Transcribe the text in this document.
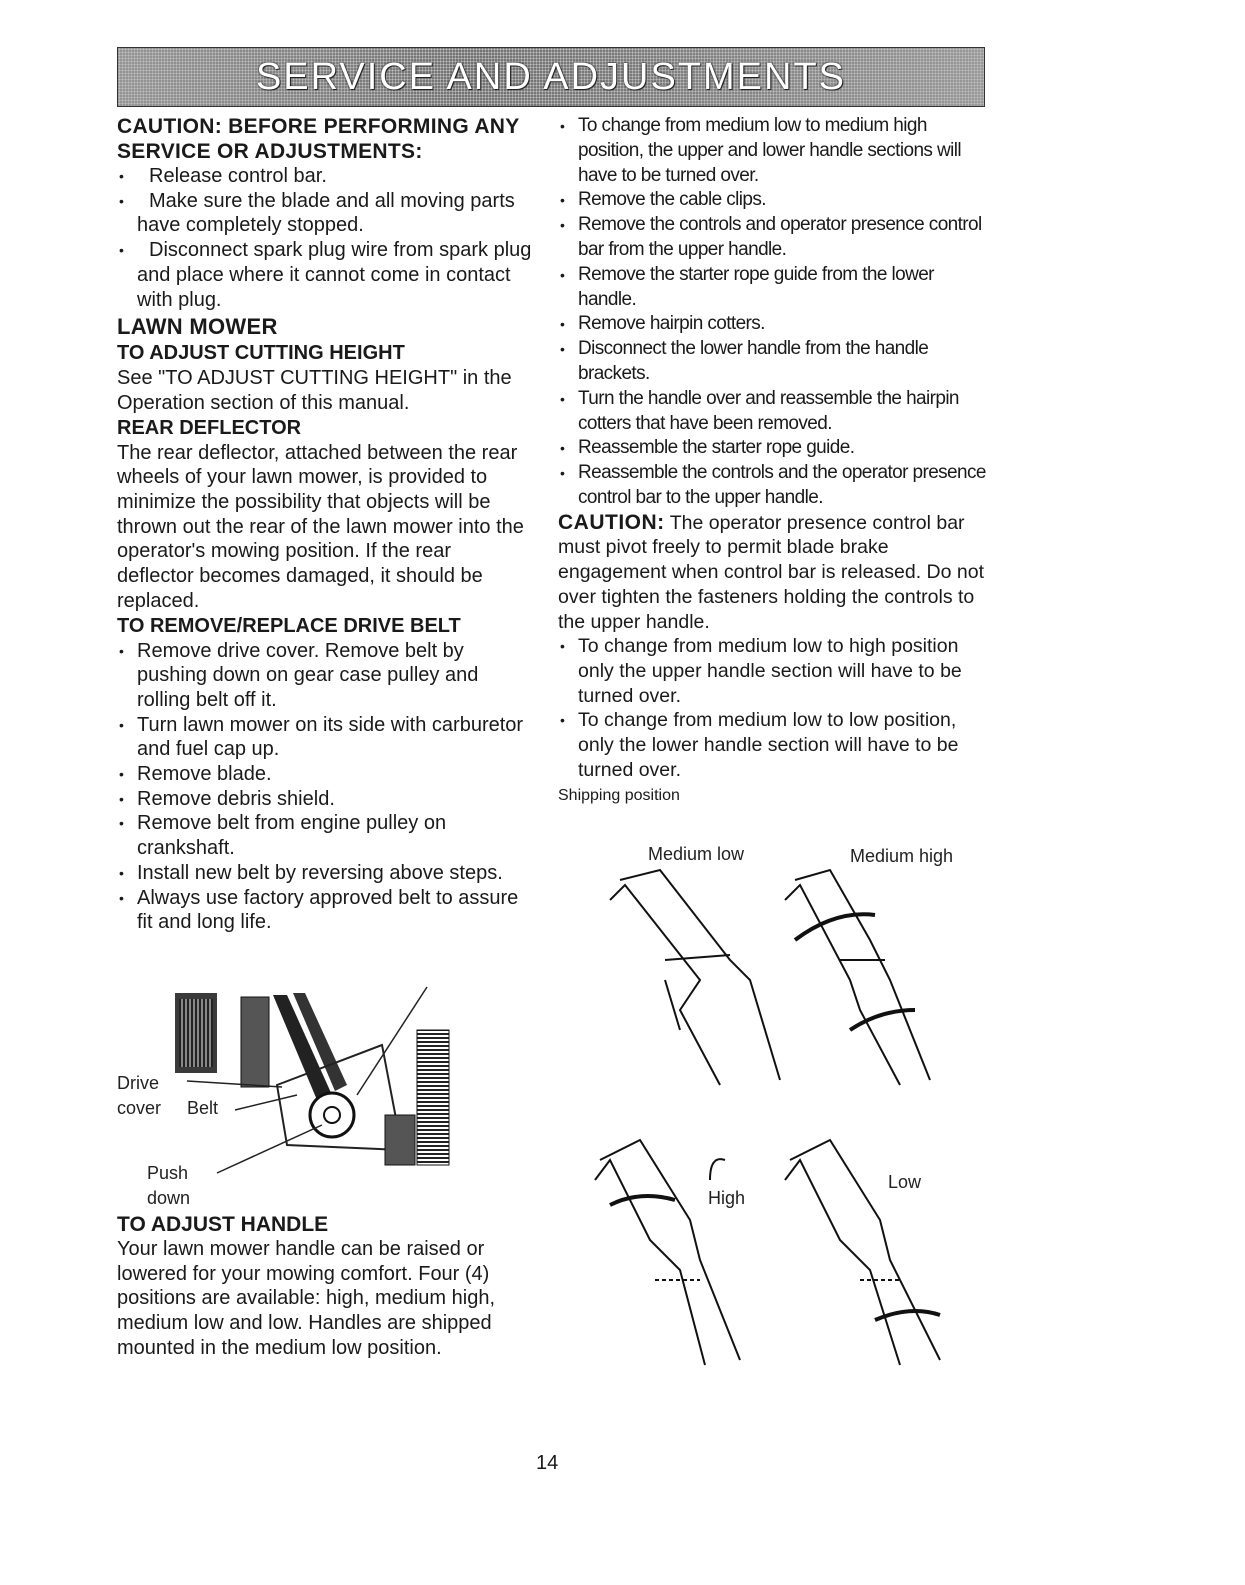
SERVICE AND ADJUSTMENTS

CAUTION: BEFORE PERFORMING ANY SERVICE OR ADJUSTMENTS:

• Release control bar.
• Make sure the blade and all moving parts have completely stopped.
• Disconnect spark plug wire from spark plug and place where it cannot come in contact with plug.

LAWN MOWER

TO ADJUST CUTTING HEIGHT

See "TO ADJUST CUTTING HEIGHT" in the Operation section of this manual.

REAR DEFLECTOR

The rear deflector, attached between the rear wheels of your lawn mower, is provided to minimize the possibility that objects will be thrown out the rear of the lawn mower into the operator's mowing position. If the rear deflector becomes damaged, it should be replaced.

TO REMOVE/REPLACE DRIVE BELT

• Remove drive cover. Remove belt by pushing down on gear case pulley and rolling belt off it.
• Turn lawn mower on its side with carburetor and fuel cap up.
• Remove blade.
• Remove debris shield.
• Remove belt from engine pulley on crankshaft.
• Install new belt by reversing above steps.
• Always use factory approved belt to assure fit and long life.
Drive
cover Belt
Push
down

TO ADJUST HANDLE

Your lawn mower handle can be raised or lowered for your mowing comfort. Four (4) positions are available: high, medium high, medium low and low. Handles are shipped mounted in the medium low position.

• To change from medium low to medium high position, the upper and lower handle sections will have to be turned over.
• Remove the cable clips.
• Remove the controls and operator presence control bar from the upper handle.
• Remove the starter rope guide from the lower handle.
• Remove hairpin cotters.
• Disconnect the lower handle from the handle brackets.
• Turn the handle over and reassemble the hairpin cotters that have been removed.
• Reassemble the starter rope guide.
• Reassemble the controls and the operator presence control bar to the upper handle.

CAUTION: The operator presence control bar must pivot freely to permit blade brake engagement when control bar is released. Do not over tighten the fasteners holding the controls to the upper handle.

• To change from medium low to high position only the upper handle section will have to be turned over.
• To change from medium low to low position, only the lower handle section will have to be turned over.

Shipping position

Medium low	Medium high
High
Low
14
